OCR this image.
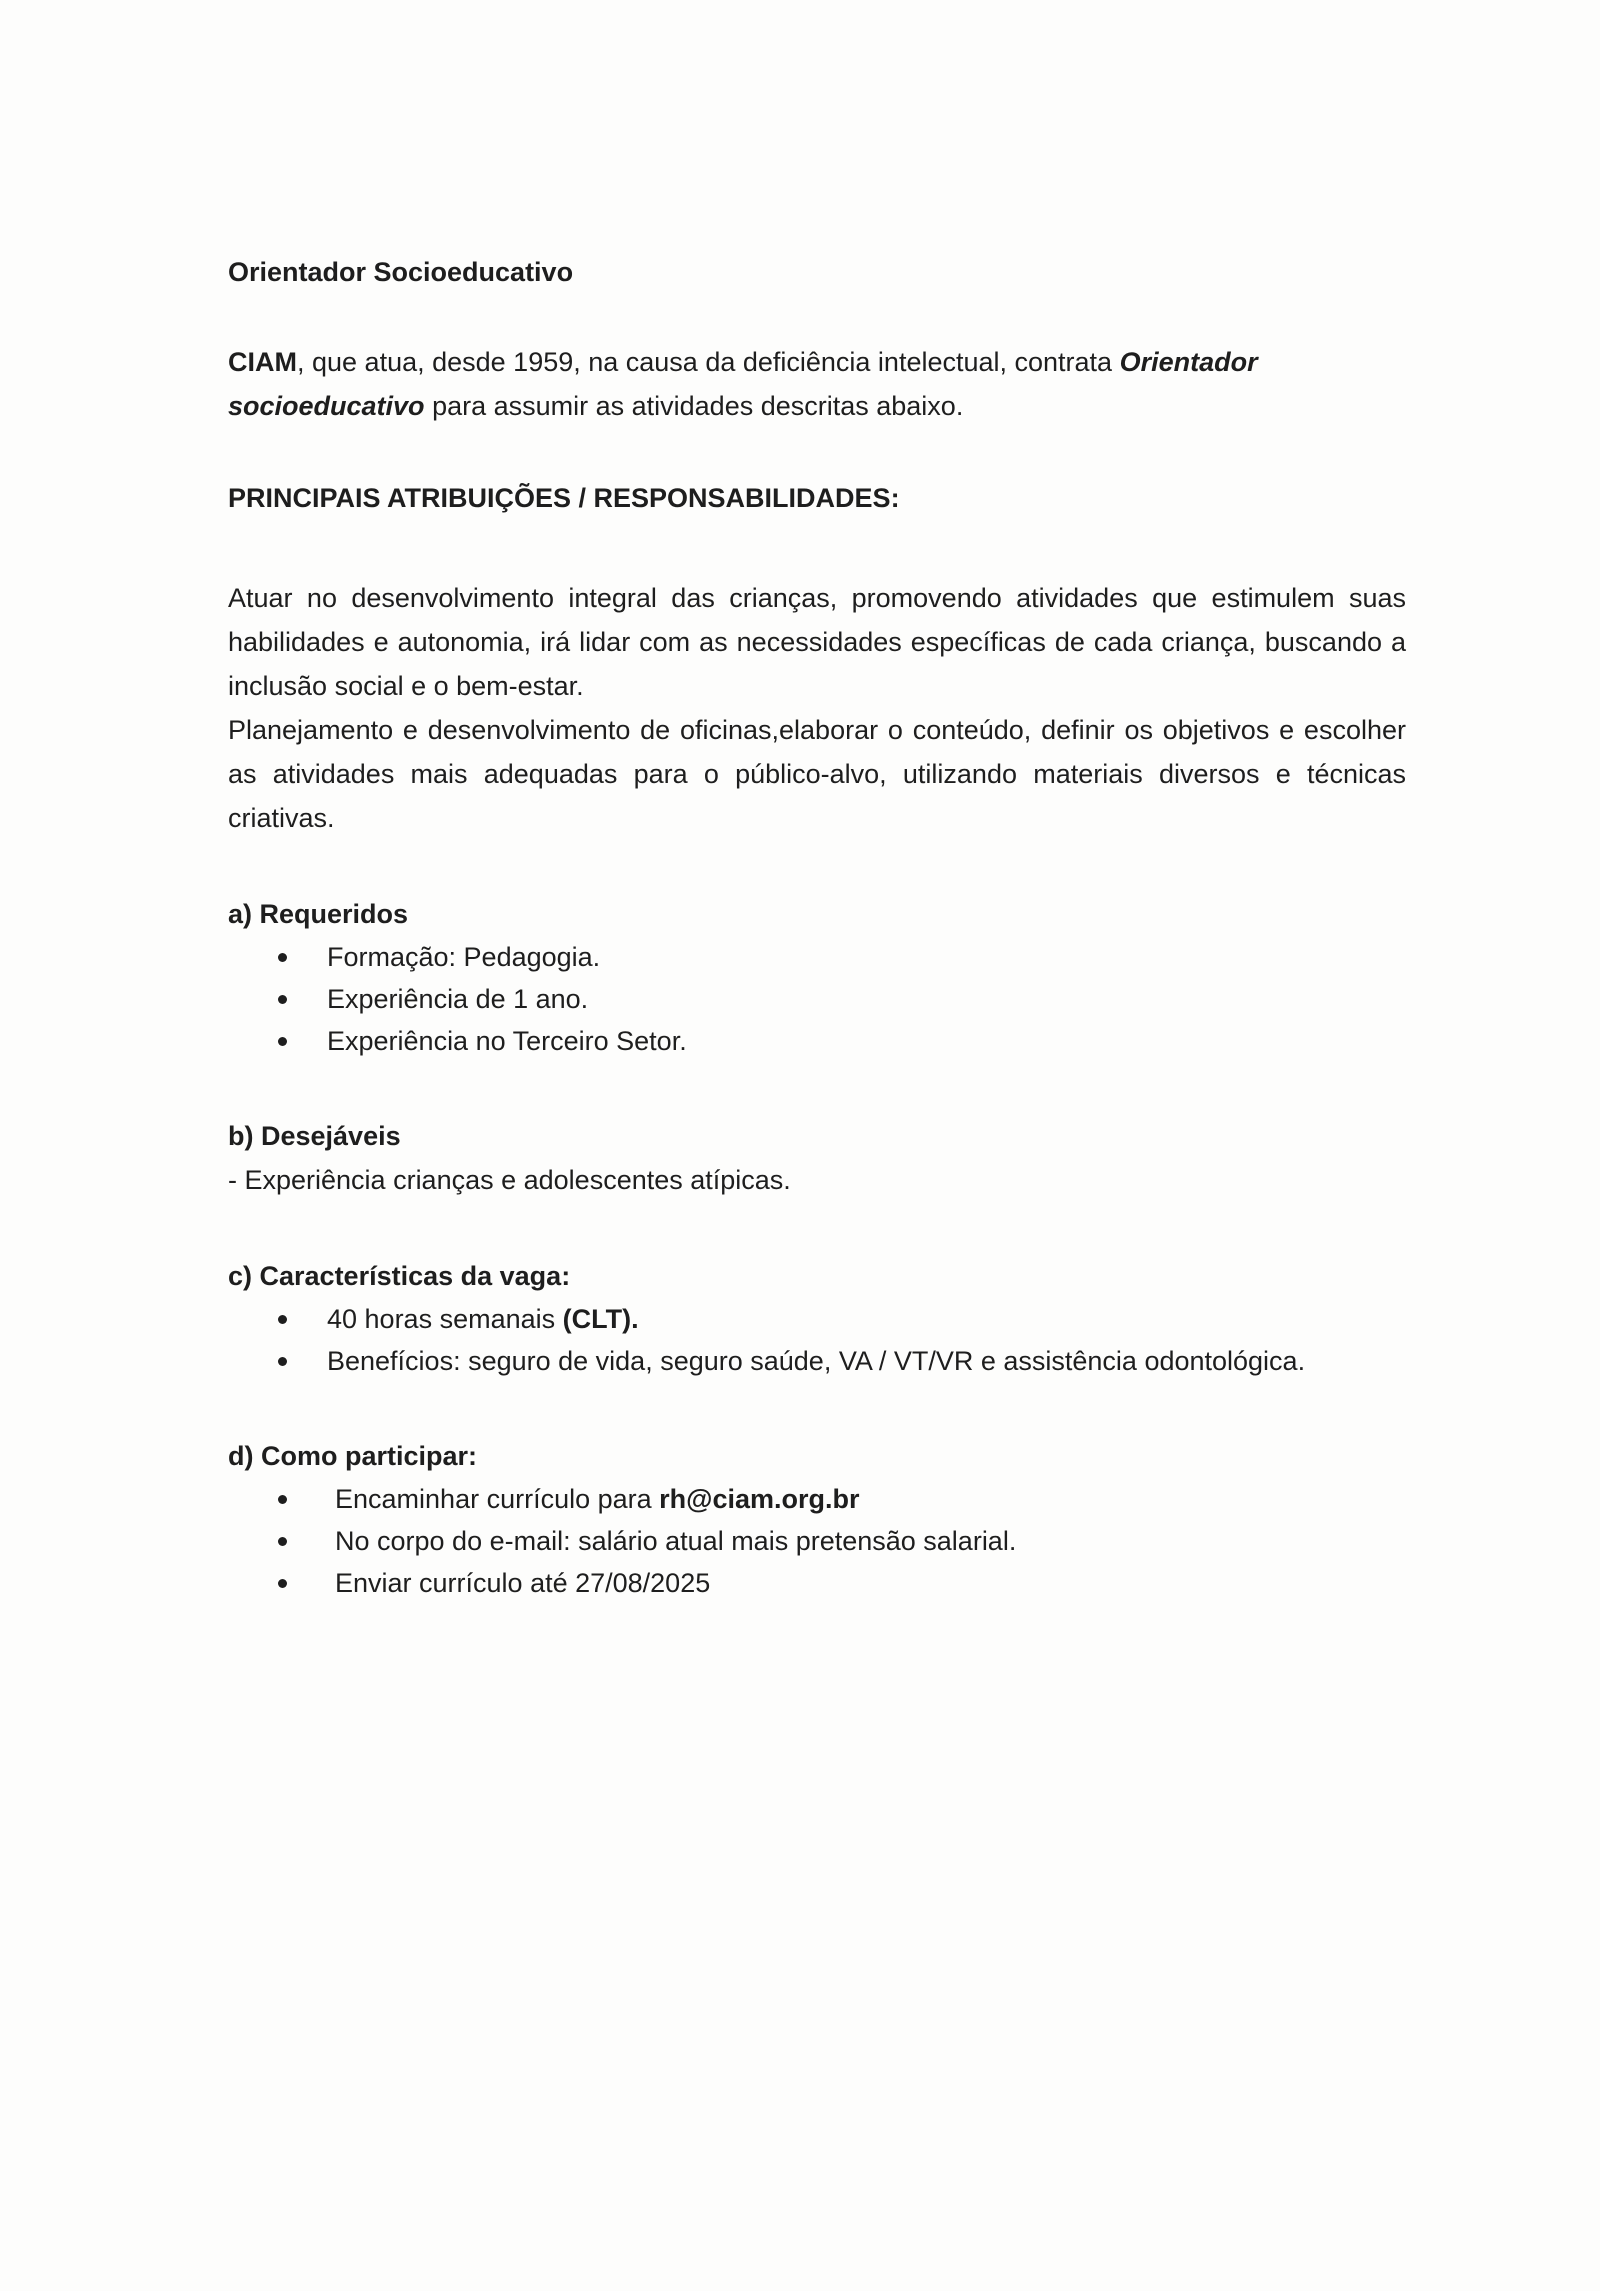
Orientador Socioeducativo

CIAM, que atua, desde 1959, na causa da deficiência intelectual, contrata Orientador socioeducativo para assumir as atividades descritas abaixo.

PRINCIPAIS ATRIBUIÇÕES / RESPONSABILIDADES:

Atuar no desenvolvimento integral das crianças, promovendo atividades que estimulem suas habilidades e autonomia, irá lidar com as necessidades específicas de cada criança, buscando a inclusão social e o bem-estar.

Planejamento e desenvolvimento de oficinas,elaborar o conteúdo, definir os objetivos e escolher as atividades mais adequadas para o público-alvo, utilizando materiais diversos e técnicas criativas.

a) Requeridos

Formação: Pedagogia.
Experiência de 1 ano.
Experiência no Terceiro Setor.

b) Desejáveis

- Experiência crianças e adolescentes atípicas.

c) Características da vaga:

40 horas semanais (CLT).
Benefícios: seguro de vida, seguro saúde, VA / VT/VR e assistência odontológica.

d) Como participar:

Encaminhar currículo para rh@ciam.org.br
No corpo do e-mail: salário atual mais pretensão salarial.
Enviar currículo até 27/08/2025
